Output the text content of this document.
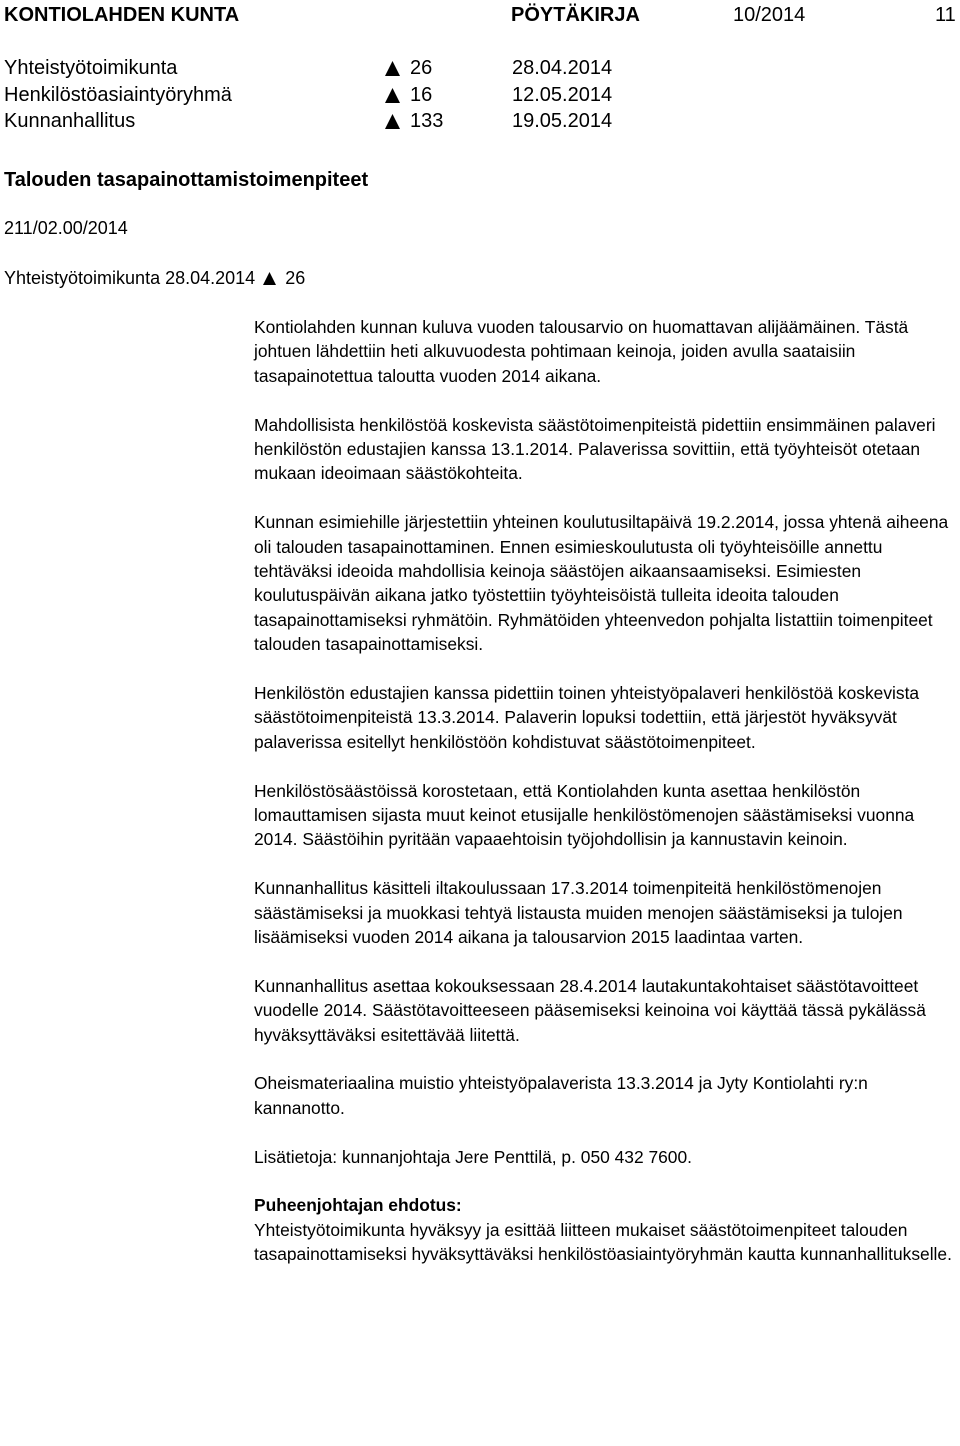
KONTIOLAHDEN KUNTA	PÖYTÄKIRJA	10/2014	11
Yhteistyötoimikunta	26	28.04.2014
Henkilöstöasiaintyöryhmä	16	12.05.2014
Kunnanhallitus	133	19.05.2014
Talouden tasapainottamistoimenpiteet
211/02.00/2014
Yhteistyötoimikunta 28.04.2014 26

Kontiolahden kunnan kuluva vuoden talousarvio on huomattavan alijäämäinen. Tästä johtuen lähdettiin heti alkuvuodesta pohtimaan keinoja, joiden avulla saataisiin tasapainotettua taloutta vuoden 2014 aikana.

Mahdollisista henkilöstöä koskevista säästötoimenpiteistä pidettiin ensimmäinen palaveri henkilöstön edustajien kanssa 13.1.2014. Palaverissa sovittiin, että työyhteisöt otetaan mukaan ideoimaan säästökohteita.

Kunnan esimiehille järjestettiin yhteinen koulutusiltapäivä 19.2.2014, jossa yhtenä aiheena oli talouden tasapainottaminen. Ennen esimieskoulutusta oli työyhteisöille annettu tehtäväksi ideoida mahdollisia keinoja säästöjen aikaansaamiseksi. Esimiesten koulutuspäivän aikana jatko työstettiin työyhteisöistä tulleita ideoita talouden tasapainottamiseksi ryhmätöin. Ryhmätöiden yhteenvedon pohjalta listattiin toimenpiteet talouden tasapainottamiseksi.

Henkilöstön edustajien kanssa pidettiin toinen yhteistyöpalaveri henkilöstöä koskevista säästötoimenpiteistä 13.3.2014. Palaverin lopuksi todettiin, että järjestöt hyväksyvät palaverissa esitellyt henkilöstöön kohdistuvat säästötoimenpiteet.

Henkilöstösäästöissä korostetaan, että Kontiolahden kunta asettaa henkilöstön lomauttamisen sijasta muut keinot etusijalle henkilöstömenojen säästämiseksi vuonna 2014. Säästöihin pyritään vapaaehtoisin työjohdollisin ja kannustavin keinoin.

Kunnanhallitus käsitteli iltakoulussaan 17.3.2014 toimenpiteitä henkilöstömenojen säästämiseksi ja muokkasi tehtyä listausta muiden menojen säästämiseksi ja tulojen lisäämiseksi vuoden 2014 aikana ja talousarvion 2015 laadintaa varten.

Kunnanhallitus asettaa kokouksessaan 28.4.2014 lautakuntakohtaiset säästötavoitteet vuodelle 2014. Säästötavoitteeseen pääsemiseksi keinoina voi käyttää tässä pykälässä hyväksyttäväksi esitettävää liitettä.

Oheismateriaalina muistio yhteistyöpalaverista 13.3.2014 ja Jyty Kontiolahti ry:n kannanotto.

Lisätietoja: kunnanjohtaja Jere Penttilä, p. 050 432 7600.

Puheenjohtajan ehdotus:

Yhteistyötoimikunta hyväksyy ja esittää liitteen mukaiset säästötoimenpiteet talouden tasapainottamiseksi hyväksyttäväksi henkilöstöasiaintyöryhmän kautta kunnanhallitukselle.
